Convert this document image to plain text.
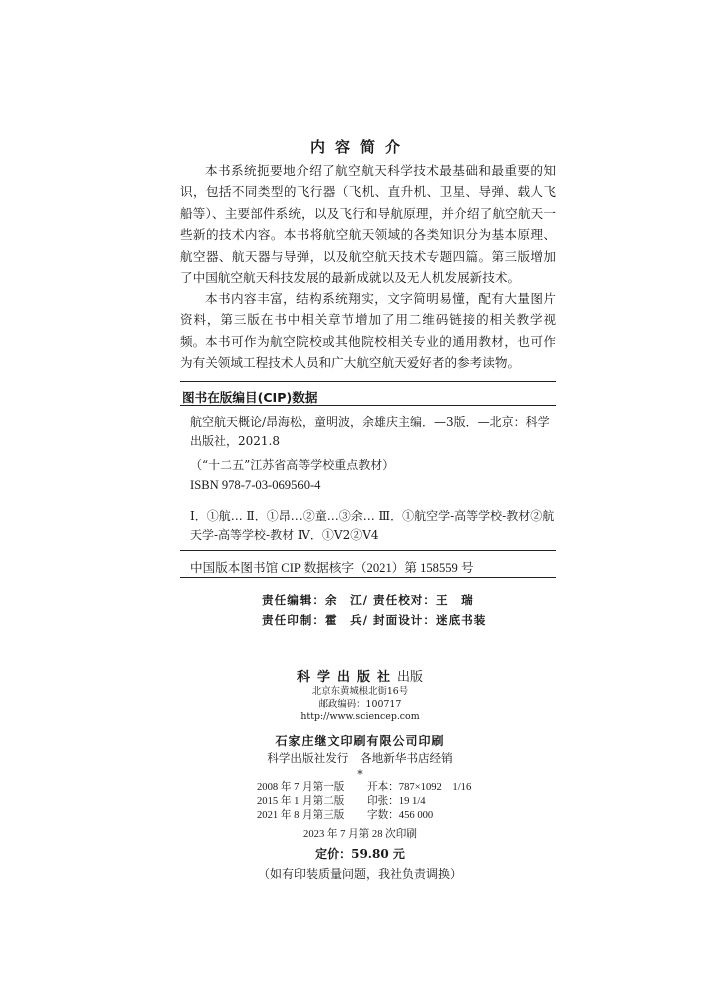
内容简介

本书系统扼要地介绍了航空航天科学技术最基础和最重要的知识，包括不同类型的飞行器（飞机、直升机、卫星、导弹、载人飞船等）、主要部件系统，以及飞行和导航原理，并介绍了航空航天一些新的技术内容。本书将航空航天领域的各类知识分为基本原理、航空器、航天器与导弹，以及航空航天技术专题四篇。第三版增加了中国航空航天科技发展的最新成就以及无人机发展新技术。

本书内容丰富，结构系统翔实，文字简明易懂，配有大量图片资料，第三版在书中相关章节增加了用二维码链接的相关教学视频。 本书可作为航空院校或其他院校相关专业的通用教材，也可作为有关领域工程技术人员和广大航空航天爱好者的参考读物。

图书在版编目(CIP)数据

航空航天概论/昂海松，童明波，余雄庆主编．—3版．—北京：科学出版社，2021.8

（“十二五”江苏省高等学校重点教材）

ISBN 978-7-03-069560-4

Ⅰ．①航… Ⅱ．①昂…②童…③余… Ⅲ．①航空学-高等学校-教材②航天学-高等学校-教材 Ⅳ．①V2②V4

中国版本图书馆 CIP 数据核字（2021）第 158559 号
责任编辑：余　江/ 责任校对：王　瑞
责任印制：霍　兵/ 封面设计：迷底书装
科学出版社出版
北京东黄城根北街16号
邮政编码：100717
http://www.sciencep.com
石家庄继文印刷有限公司印刷
科学出版社发行　各地新华书店经销
*
2008 年 7 月第一版	开本：787×1092　1/16
2015 年 1 月第二版	印张：19 1/4
2021 年 8 月第三版	字数：456 000
2023 年 7 月第 28 次印刷
定价：59.80 元
（如有印装质量问题，我社负责调换）
